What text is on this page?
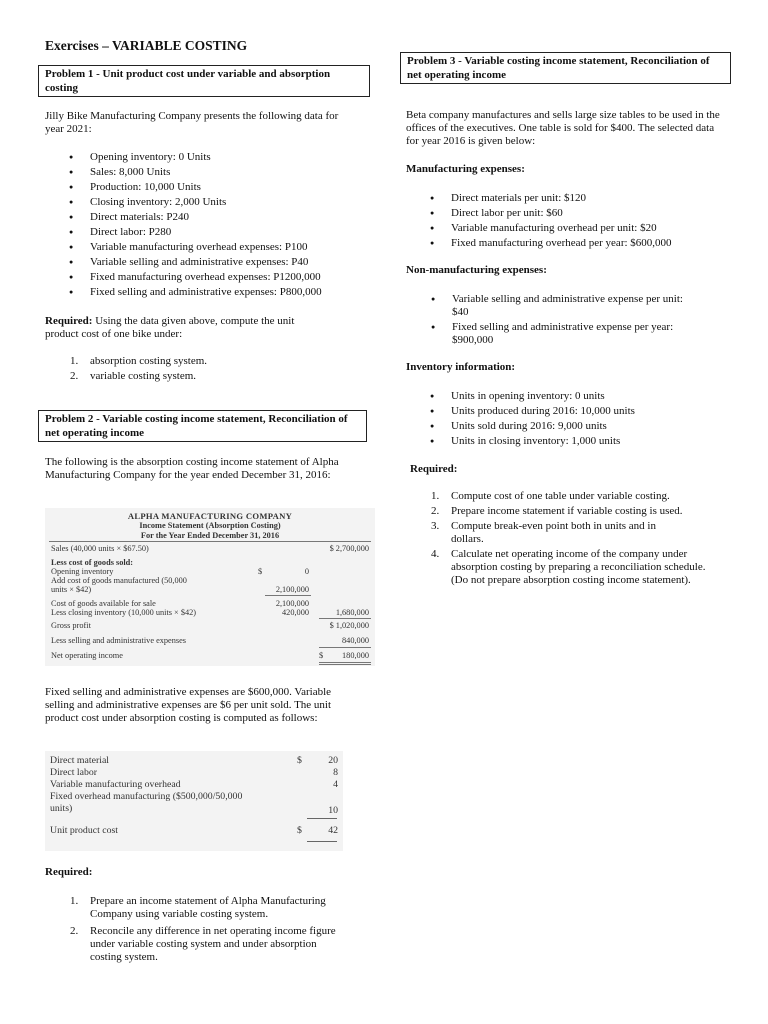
Exercises – VARIABLE COSTING
Problem 1 - Unit product cost under variable and absorption costing
Jilly Bike Manufacturing Company presents the following data for year 2021:
● Opening inventory: 0 Units
● Sales: 8,000 Units
● Production: 10,000 Units
● Closing inventory: 2,000 Units
● Direct materials: P240
● Direct labor: P280
● Variable manufacturing overhead expenses: P100
● Variable selling and administrative expenses: P40
● Fixed manufacturing overhead expenses: P1200,000
● Fixed selling and administrative expenses: P800,000
Required: Using the data given above, compute the unit product cost of one bike under:
1. absorption costing system.
2. variable costing system.
Problem 2 - Variable costing income statement, Reconciliation of net operating income
The following is the absorption costing income statement of Alpha Manufacturing Company for the year ended December 31, 2016:
ALPHA MANUFACTURING COMPANY
Income Statement (Absorption Costing)
For the Year Ended December 31, 2016
Sales (40,000 units × $67.50)	$ 2,700,000
Less cost of goods sold:
Opening inventory	$	0
Add cost of goods manufactured (50,000
units × $42)	2,100,000
Cost of goods available for sale	2,100,000
Less closing inventory (10,000 units × $42)	420,000	1,680,000
Gross profit	$ 1,020,000
Less selling and administrative expenses	840,000
Net operating income	$ 180,000
Fixed selling and administrative expenses are $600,000. Variable selling and administrative expenses are $6 per unit sold. The unit product cost under absorption costing is computed as follows:
Direct material	$	20
Direct labor	8
Variable manufacturing overhead	4
Fixed overhead manufacturing ($500,000/50,000
units)	10
Unit product cost	$	42
Required:
1. Prepare an income statement of Alpha Manufacturing Company using variable costing system.
2. Reconcile any difference in net operating income figure under variable costing system and under absorption costing system.
Problem 3 - Variable costing income statement, Reconciliation of net operating income
Beta company manufactures and sells large size tables to be used in the offices of the executives. One table is sold for $400. The selected data for year 2016 is given below:
Manufacturing expenses:
● Direct materials per unit: $120
● Direct labor per unit: $60
● Variable manufacturing overhead per unit: $20
● Fixed manufacturing overhead per year: $600,000
Non-manufacturing expenses:
● Variable selling and administrative expense per unit: $40
● Fixed selling and administrative expense per year: $900,000
Inventory information:
● Units in opening inventory: 0 units
● Units produced during 2016: 10,000 units
● Units sold during 2016: 9,000 units
● Units in closing inventory: 1,000 units
Required:
1. Compute cost of one table under variable costing.
2. Prepare income statement if variable costing is used.
3. Compute break-even point both in units and in dollars.
4. Calculate net operating income of the company under absorption costing by preparing a reconciliation schedule. (Do not prepare absorption costing income statement).
